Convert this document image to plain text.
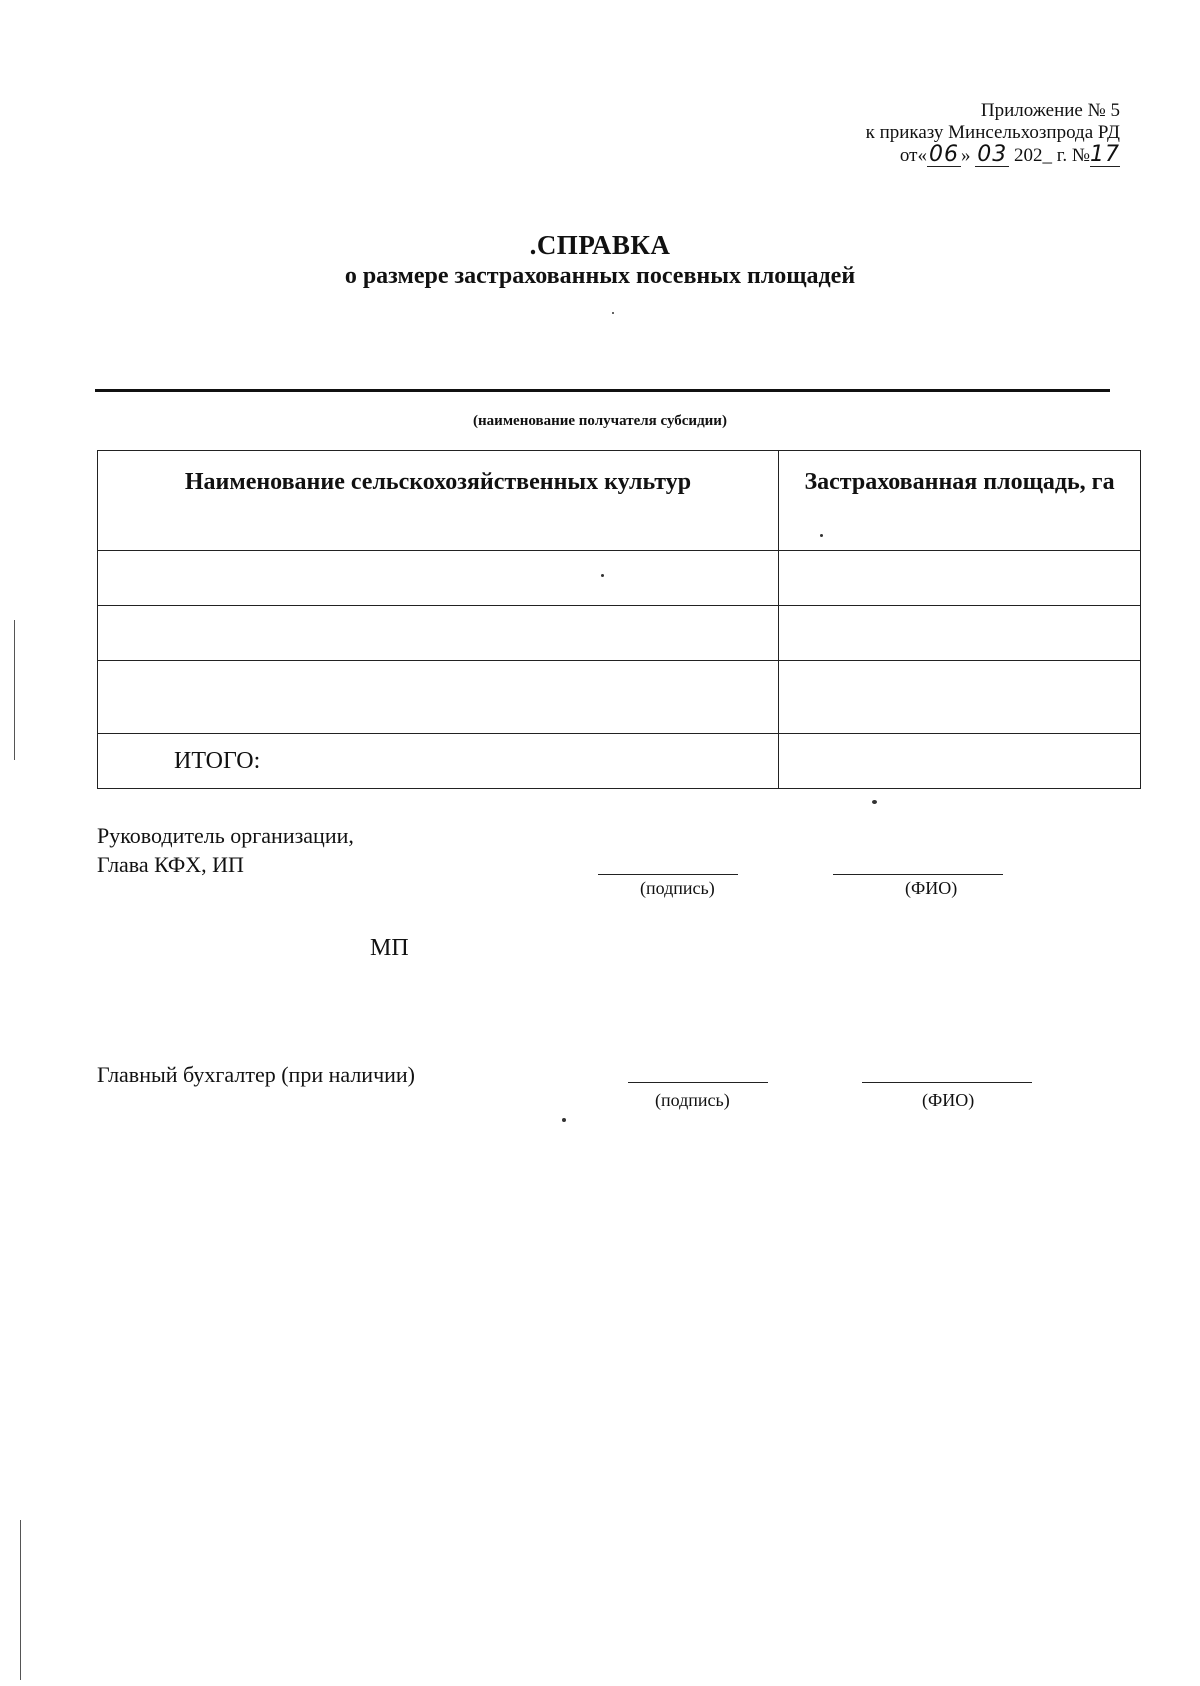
Приложение № 5
к приказу Минсельхозпрода РД
от«06 » 03 202_ г. №17
.СПРАВКА
о размере застрахованных посевных площадей
(наименование получателя субсидии)
Наименование сельскохозяйственных культур	Застрахованная площадь, га

ИТОГО:	
Руководитель организации,
Глава КФХ, ИП
(подпись)	(ФИО)
МП
Главный бухгалтер (при наличии)
(подпись)	(ФИО)
